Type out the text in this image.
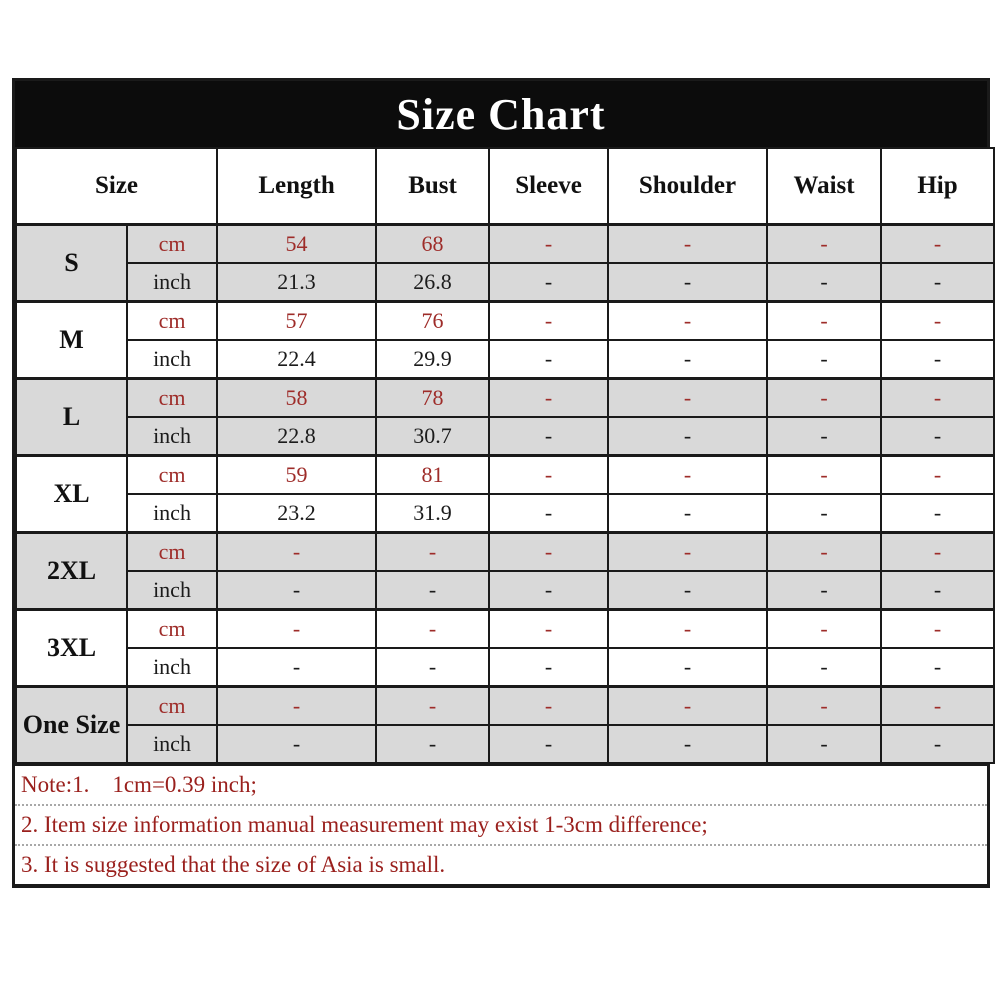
Size Chart
Size		Length	Bust	Sleeve	Shoulder	Waist	Hip
S	cm	54	68	-	-	-	-
	inch	21.3	26.8	-	-	-	-
M	cm	57	76	-	-	-	-
	inch	22.4	29.9	-	-	-	-
L	cm	58	78	-	-	-	-
	inch	22.8	30.7	-	-	-	-
XL	cm	59	81	-	-	-	-
	inch	23.2	31.9	-	-	-	-
2XL	cm	-	-	-	-	-	-
	inch	-	-	-	-	-	-
3XL	cm	-	-	-	-	-	-
	inch	-	-	-	-	-	-
One Size	cm	-	-	-	-	-	-
	inch	-	-	-	-	-	-
Note:1.    1cm=0.39 inch;
2. Item size information manual measurement may exist 1-3cm difference;
3. It is suggested that the size of Asia is small.
